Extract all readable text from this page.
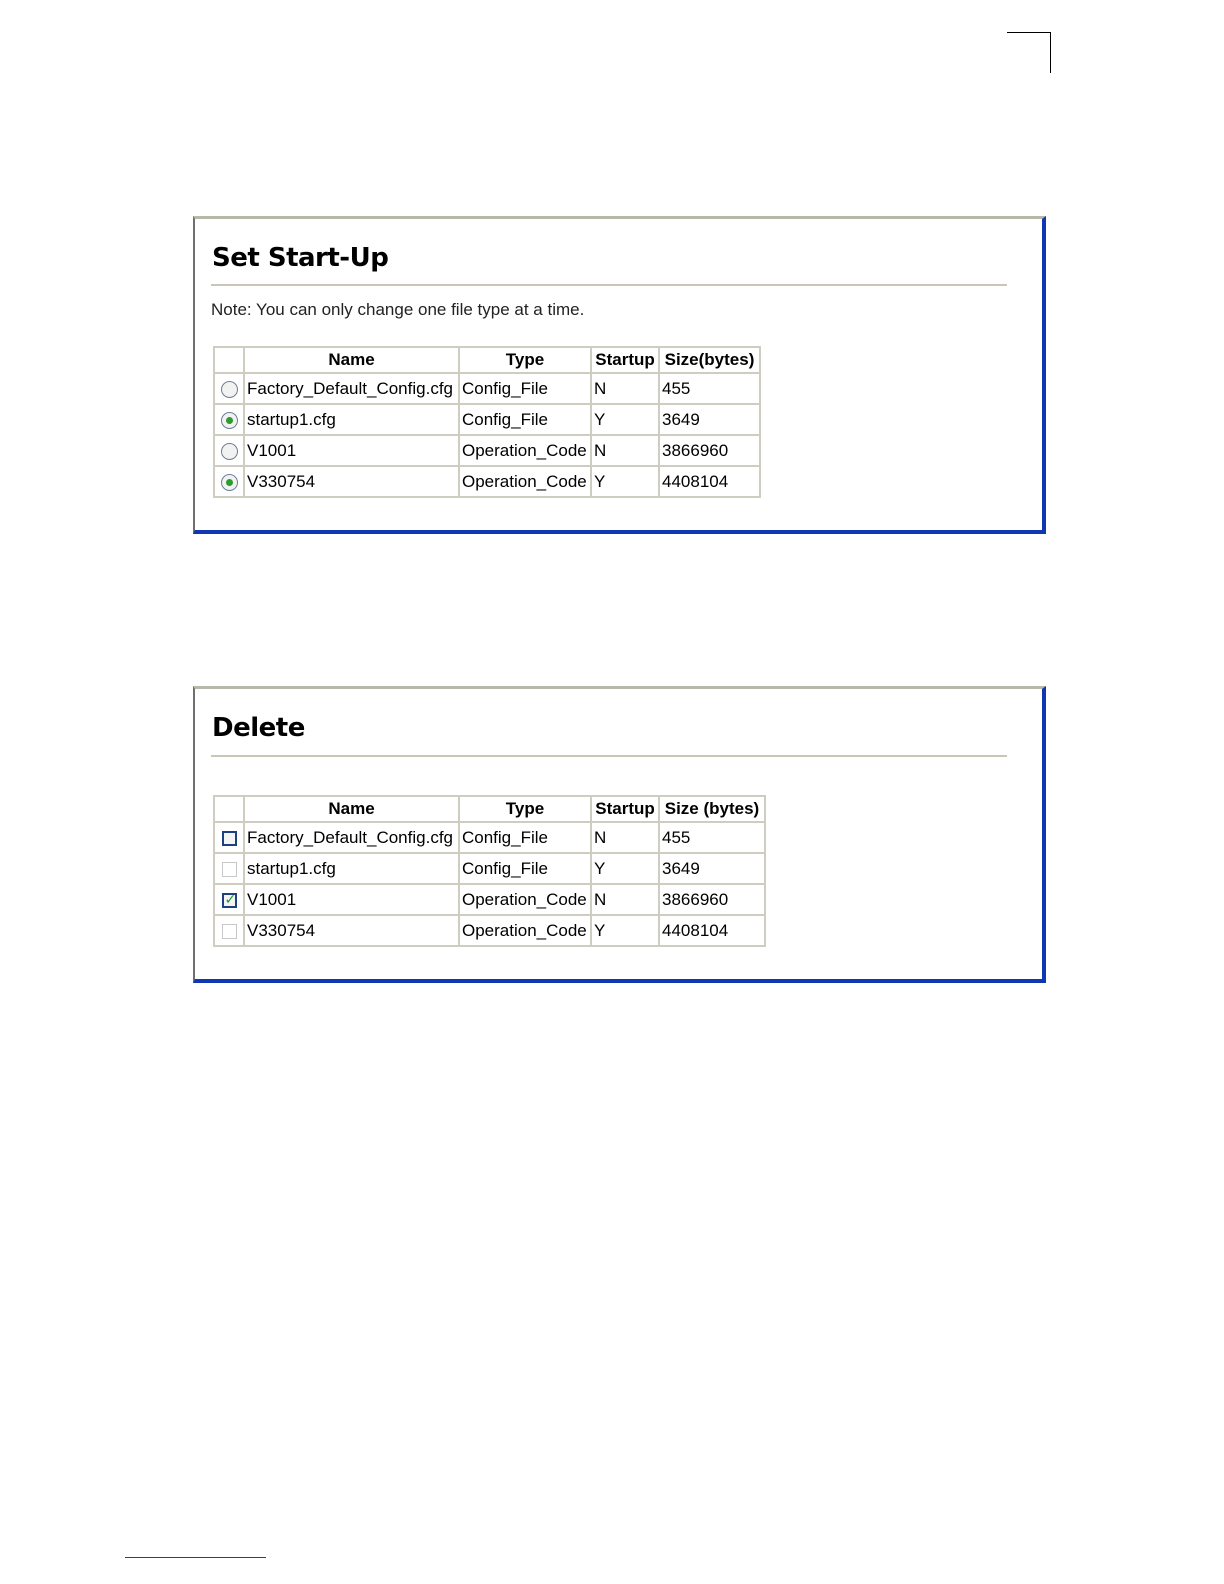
Set Start-Up
Note: You can only change one file type at a time.
	Name	Type	Startup	Size(bytes)
	Factory_Default_Config.cfg	Config_File	N	455
	startup1.cfg	Config_File	Y	3649
	V1001	Operation_Code	N	3866960
	V330754	Operation_Code	Y	4408104
Delete
	Name	Type	Startup	Size (bytes)
	Factory_Default_Config.cfg	Config_File	N	455
	startup1.cfg	Config_File	Y	3649

✓	V1001	Operation_Code	N	3866960
	V330754	Operation_Code	Y	4408104
